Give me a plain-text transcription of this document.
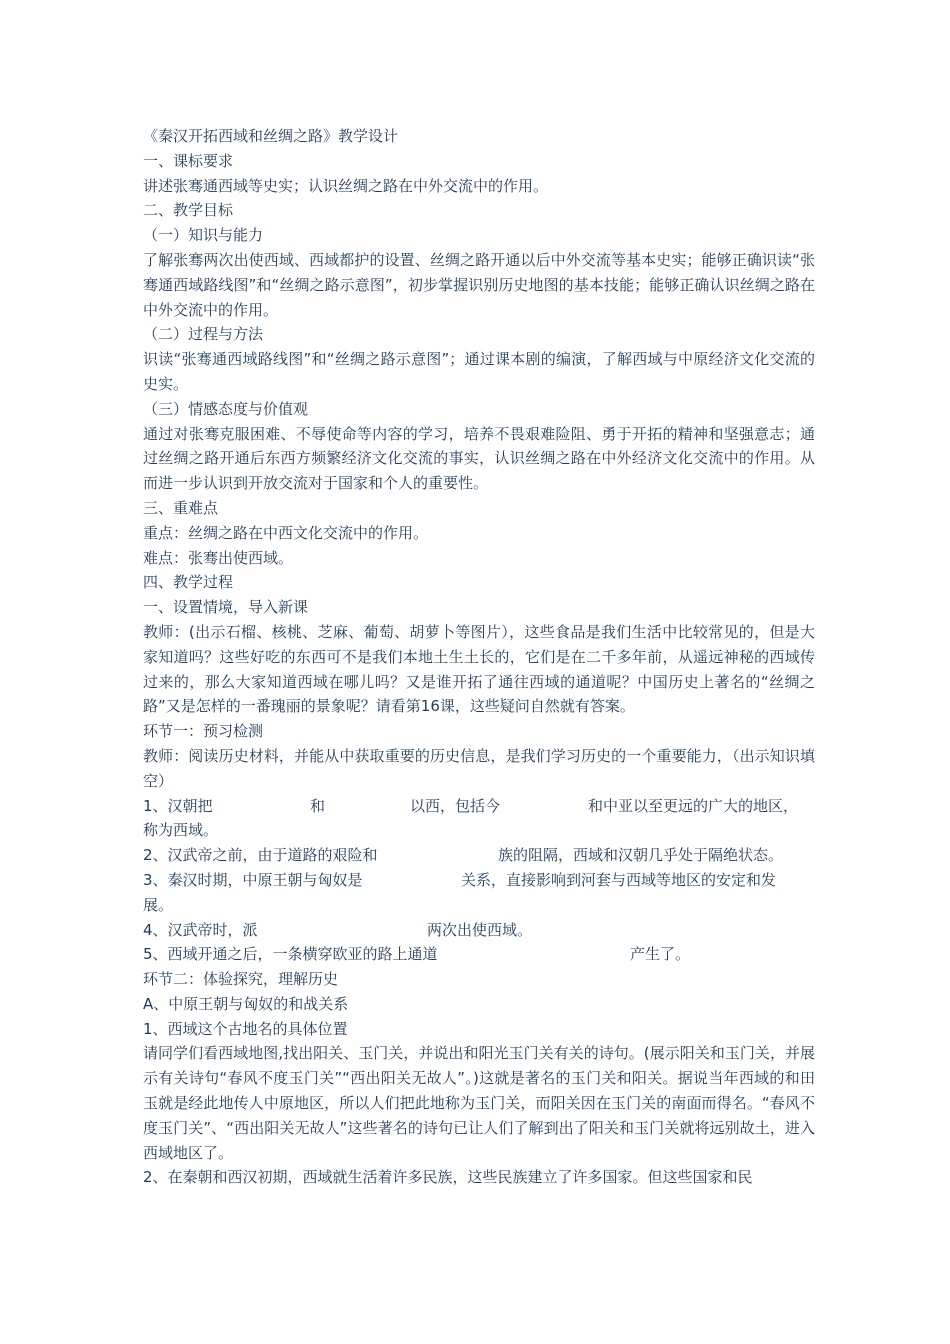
《秦汉开拓西域和丝绸之路》教学设计
一、课标要求
讲述张骞通西域等史实；认识丝绸之路在中外交流中的作用。
二、教学目标
（一）知识与能力
了解张骞两次出使西域、西域都护的设置、丝绸之路开通以后中外交流等基本史实；能够正确识读“张骞通西域路线图”和“丝绸之路示意图”，初步掌握识别历史地图的基本技能；能够正确认识丝绸之路在中外交流中的作用。
（二）过程与方法
识读“张骞通西域路线图”和“丝绸之路示意图”；通过课本剧的编演，了解西域与中原经济文化交流的史实。
（三）情感态度与价值观
通过对张骞克服困难、不辱使命等内容的学习，培养不畏艰难险阻、勇于开拓的精神和坚强意志；通过丝绸之路开通后东西方频繁经济文化交流的事实，认识丝绸之路在中外经济文化交流中的作用。从而进一步认识到开放交流对于国家和个人的重要性。
三、重难点
重点：丝绸之路在中西文化交流中的作用。
难点：张骞出使西域。
四、教学过程
一、设置情境，导入新课
教师：(出示石榴、核桃、芝麻、葡萄、胡萝卜等图片），这些食品是我们生活中比较常见的，但是大家知道吗？这些好吃的东西可不是我们本地土生土长的，它们是在二千多年前，从遥远神秘的西域传过来的，那么大家知道西域在哪儿吗？又是谁开拓了通往西域的通道呢？中国历史上著名的“丝绸之路”又是怎样的一番瑰丽的景象呢？请看第16课，这些疑问自然就有答案。
环节一：预习检测
教师：阅读历史材料，并能从中获取重要的历史信息，是我们学习历史的一个重要能力，（出示知识填空）
1、汉朝把	和	以西，包括今	和中亚以至更远的广大的地区，
称为西域。
2、汉武帝之前，由于道路的艰险和	族的阻隔，西域和汉朝几乎处于隔绝状态。
3、秦汉时期，中原王朝与匈奴是	关系，直接影响到河套与西域等地区的安定和发
展。
4、汉武帝时，派	两次出使西域。
5、西域开通之后，一条横穿欧亚的路上通道	产生了。
环节二：体验探究，理解历史
A、中原王朝与匈奴的和战关系
1、西域这个古地名的具体位置
请同学们看西域地图,找出阳关、玉门关，并说出和阳光玉门关有关的诗句。(展示阳关和玉门关，并展示有关诗句“春风不度玉门关”“西出阳关无故人”。)这就是著名的玉门关和阳关。据说当年西域的和田玉就是经此地传人中原地区，所以人们把此地称为玉门关，而阳关因在玉门关的南面而得名。“春风不度玉门关”、“西出阳关无故人”这些著名的诗句已让人们了解到出了阳关和玉门关就将远别故土，进入西域地区了。
2、在秦朝和西汉初期，西域就生活着许多民族，这些民族建立了许多国家。但这些国家和民
